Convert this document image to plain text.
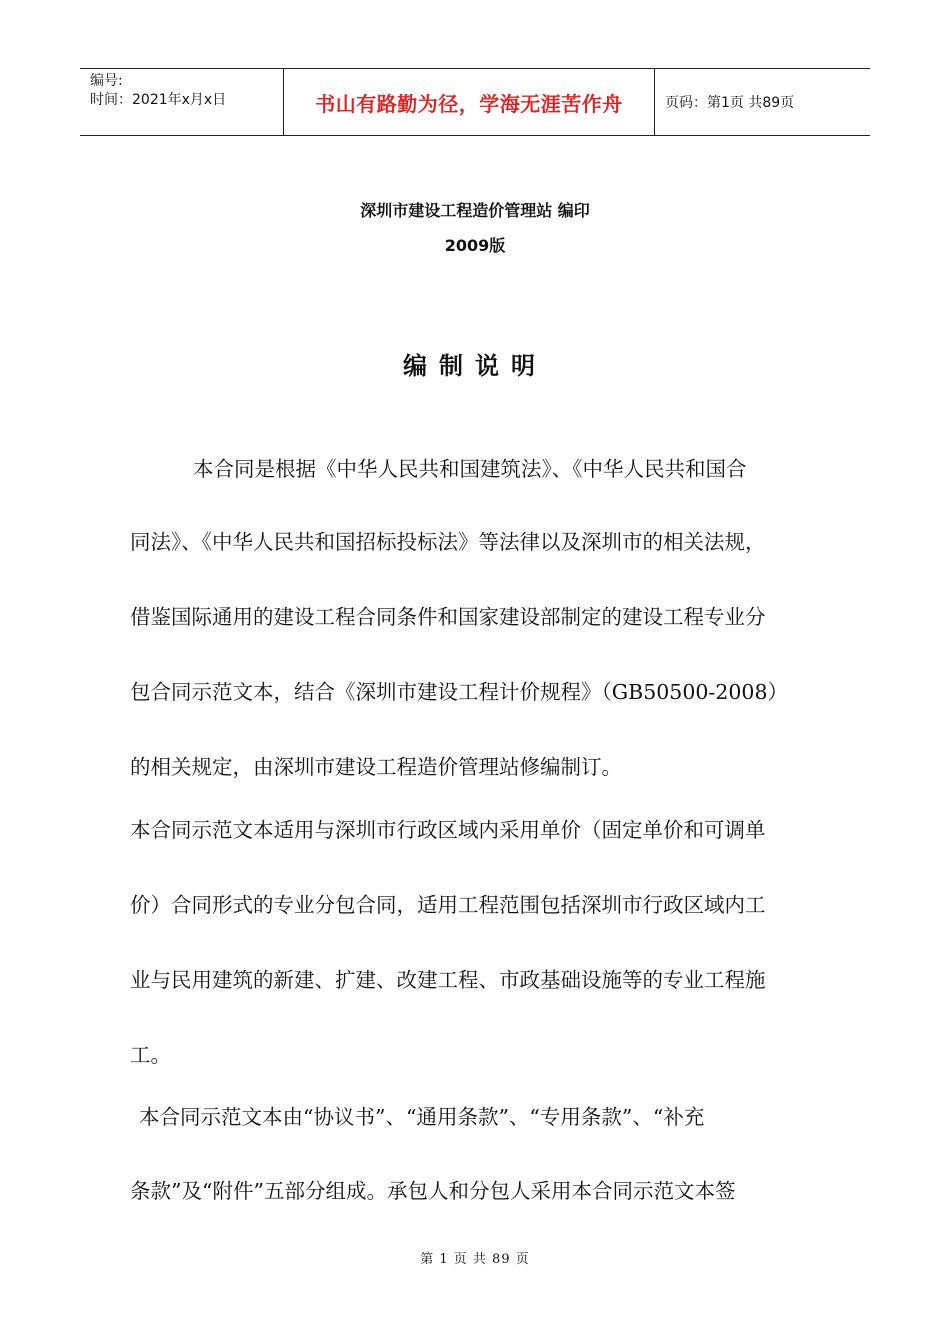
编号:
时间：2021年x月x日	书山有路勤为径，学海无涯苦作舟	页码：第1页 共89页
深圳市建设工程造价管理站 编印
2009版
编制说明
本合同是根据《中华人民共和国建筑法》、《中华人民共和国合
同法》、《中华人民共和国招标投标法》等法律以及深圳市的相关法规，
借鉴国际通用的建设工程合同条件和国家建设部制定的建设工程专业分
包合同示范文本，结合《深圳市建设工程计价规程》（GB50500-2008）
的相关规定，由深圳市建设工程造价管理站修编制订。
本合同示范文本适用与深圳市行政区域内采用单价（固定单价和可调单
价）合同形式的专业分包合同，适用工程范围包括深圳市行政区域内工
业与民用建筑的新建、扩建、改建工程、市政基础设施等的专业工程施
工。
本合同示范文本由“协议书”、“通用条款”、“专用条款”、“补充
条款”及“附件”五部分组成。承包人和分包人采用本合同示范文本签
第 1 页 共 89 页
